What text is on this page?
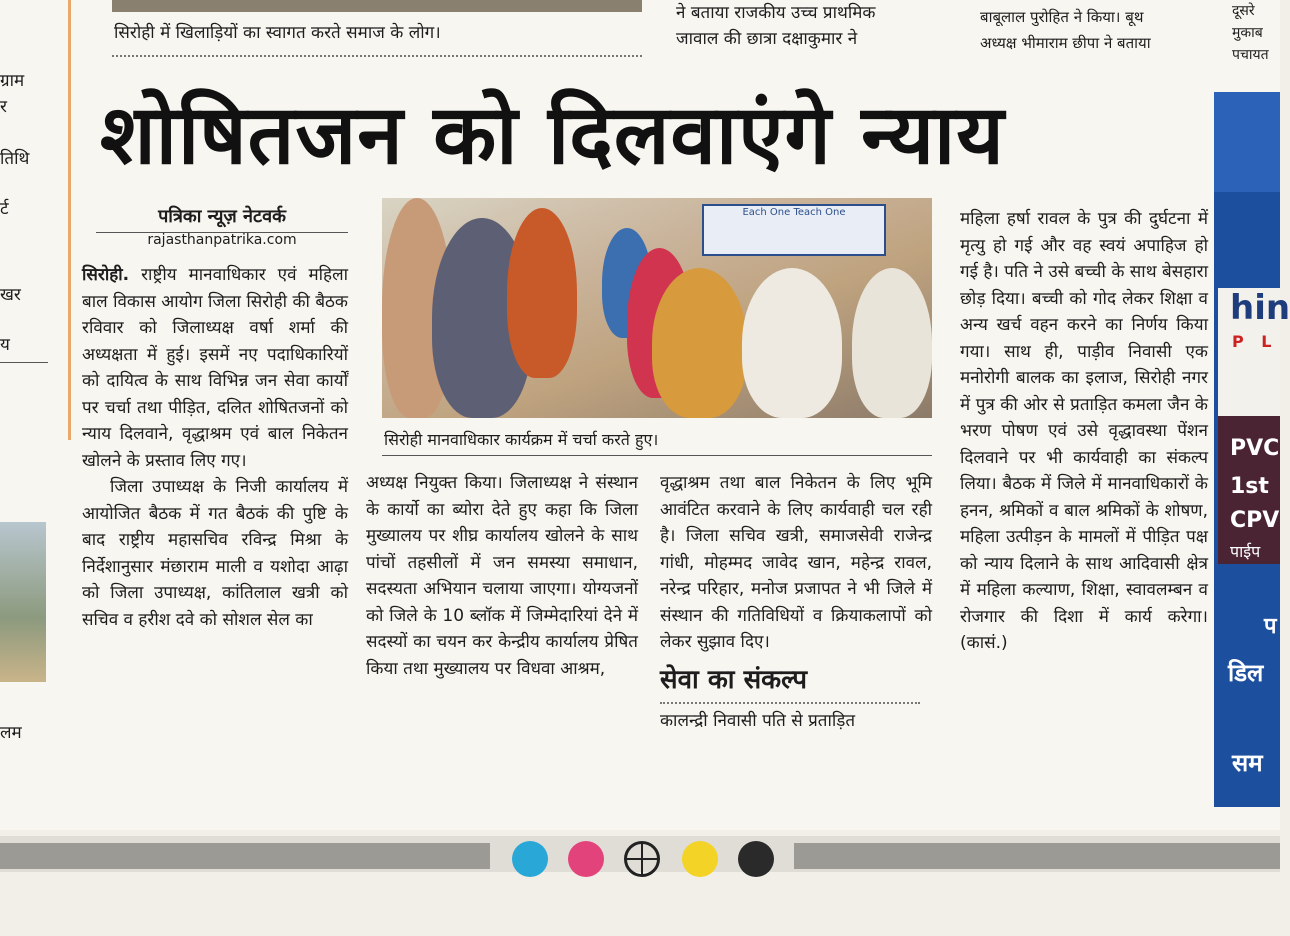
सिरोही में खिलाड़ियों का स्वागत करते समाज के लोग।
ने बताया राजकीय उच्च प्राथमिक
जावाल की छात्रा दक्षाकुमार ने
बाबूलाल पुरोहित ने किया। बूथ
अध्यक्ष भीमाराम छीपा ने बताया
दूसरे
मुकाब
पचायत
ग्राम
र
तिथि
र्ट
खर
य
लम
शोषितजन को दिलवाएंगे न्याय
पत्रिका न्यूज़ नेटवर्क
rajasthanpatrika.com

सिरोही. राष्ट्रीय मानवाधिकार एवं महिला बाल विकास आयोग जिला सिरोही की बैठक रविवार को जिलाध्यक्ष वर्षा शर्मा की अध्यक्षता में हुई। इसमें नए पदाधिकारियों को दायित्व के साथ विभिन्न जन सेवा कार्यों पर चर्चा तथा पीड़ित, दलित शोषितजनों को न्याय दिलवाने, वृद्धाश्रम एवं बाल निकेतन खोलने के प्रस्ताव लिए गए।

जिला उपाध्यक्ष के निजी कार्यालय में आयोजित बैठक में गत बैठकं की पुष्टि के बाद राष्ट्रीय महासचिव रविन्द्र मिश्रा के निर्देशानुसार मंछाराम माली व यशोदा आढ़ा को जिला उपाध्यक्ष, कांतिलाल खत्री को सचिव व हरीश दवे को सोशल सेल का

Each One Teach One
सिरोही मानवाधिकार कार्यक्रम में चर्चा करते हुए।

अध्यक्ष नियुक्त किया। जिलाध्यक्ष ने संस्थान के कार्यो का ब्योरा देते हुए कहा कि जिला मुख्यालय पर शीघ्र कार्यालय खोलने के साथ पांचों तहसीलों में जन समस्या समाधान, सदस्यता अभियान चलाया जाएगा। योग्यजनों को जिले के 10 ब्लॉक में जिम्मेदारियां देने में सदस्यों का चयन कर केन्द्रीय कार्यालय प्रेषित किया तथा मुख्यालय पर विधवा आश्रम,

वृद्धाश्रम तथा बाल निकेतन के लिए भूमि आवंटित करवाने के लिए कार्यवाही चल रही है। जिला सचिव खत्री, समाजसेवी राजेन्द्र गांधी, मोहम्मद जावेद खान, महेन्द्र रावल, नरेन्द्र परिहार, मनोज प्रजापत ने भी जिले में संस्थान की गतिविधियों व क्रियाकलापों को लेकर सुझाव दिए।

सेवा का संकल्प

कालन्द्री निवासी पति से प्रताड़ित

महिला हर्षा रावल के पुत्र की दुर्घटना में मृत्यु हो गई और वह स्वयं अपाहिज हो गई है। पति ने उसे बच्ची के साथ बेसहारा छोड़ दिया। बच्ची को गोद लेकर शिक्षा व अन्य खर्च वहन करने का निर्णय किया गया। साथ ही, पाड़ीव निवासी एक मनोरोगी बालक का इलाज, सिरोही नगर में पुत्र की ओर से प्रताड़ित कमला जैन के भरण पोषण एवं उसे वृद्धावस्था पेंशन दिलवाने पर भी कार्यवाही का संकल्प लिया। बैठक में जिले में मानवाधिकारों के हनन, श्रमिकों व बाल श्रमिकों के शोषण, महिला उत्पीड़न के मामलों में पीड़ित पक्ष को न्याय दिलाने के साथ आदिवासी क्षेत्र में महिला कल्याण, शिक्षा, स्वावलम्बन व रोजगार की दिशा में कार्य करेगा। (कासं.)

hin
P L
PVC
1st
CPV
पाईप
प
डिल
सम
